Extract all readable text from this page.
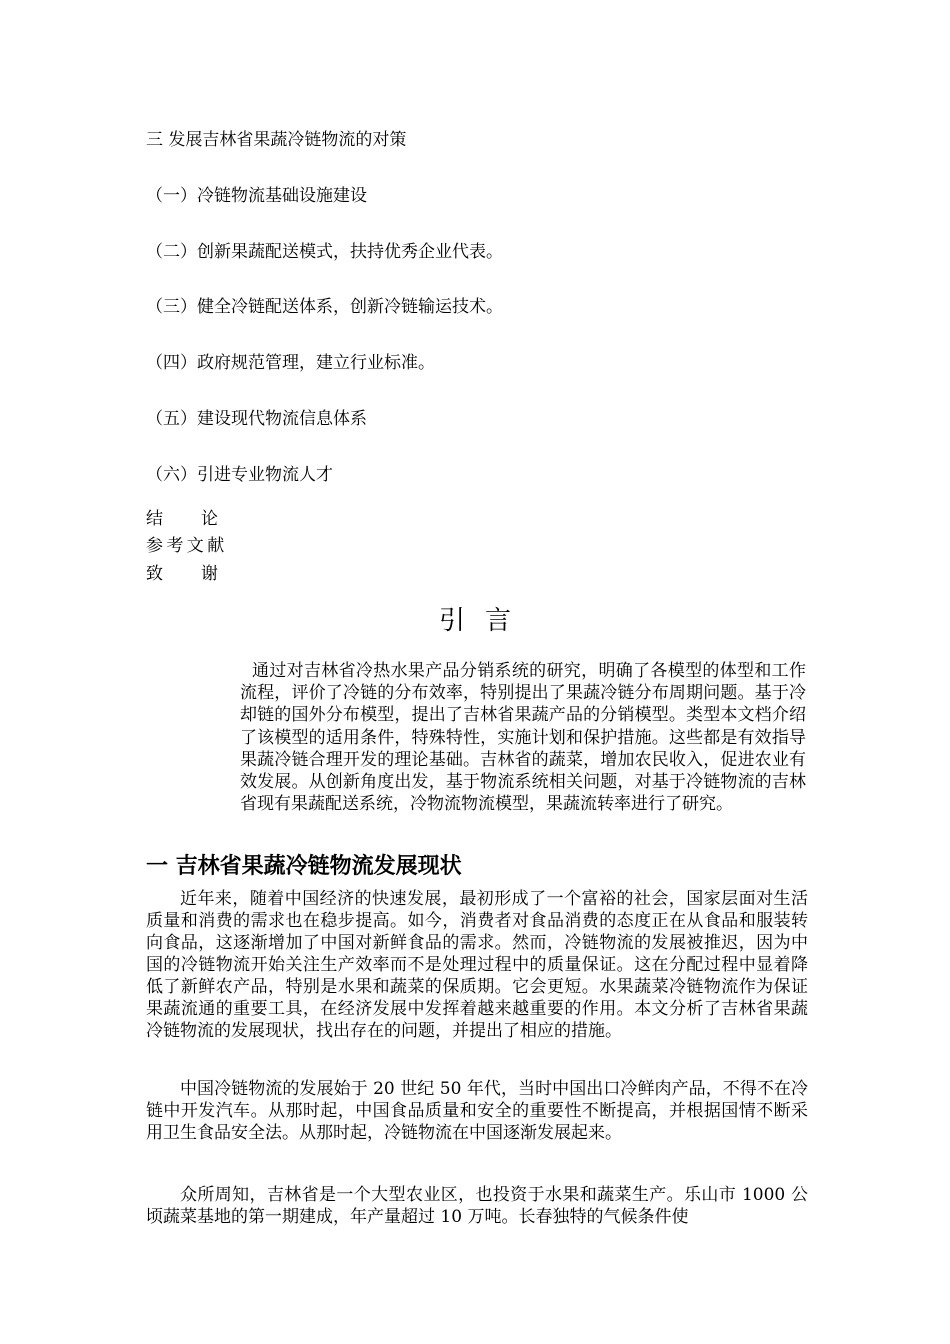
三 发展吉林省果蔬冷链物流的对策
（一）冷链物流基础设施建设
（二）创新果蔬配送模式，扶持优秀企业代表。
（三）健全冷链配送体系，创新冷链输运技术。
（四）政府规范管理，建立行业标准。
（五）建设现代物流信息体系
（六）引进专业物流人才
结 论
参 考 文 献
致 谢
引言
通过对吉林省冷热水果产品分销系统的研究，明确了各模型的体型和工作流程，评价了冷链的分布效率，特别提出了果蔬冷链分布周期问题。基于冷却链的国外分布模型，提出了吉林省果蔬产品的分销模型。类型本文档介绍了该模型的适用条件，特殊特性，实施计划和保护措施。这些都是有效指导果蔬冷链合理开发的理论基础。吉林省的蔬菜，增加农民收入，促进农业有效发展。从创新角度出发，基于物流系统相关问题，对基于冷链物流的吉林省现有果蔬配送系统，冷物流物流模型，果蔬流转率进行了研究。
一 吉林省果蔬冷链物流发展现状

近年来，随着中国经济的快速发展，最初形成了一个富裕的社会，国家层面对生活质量和消费的需求也在稳步提高。如今，消费者对食品消费的态度正在从食品和服装转向食品，这逐渐增加了中国对新鲜食品的需求。然而，冷链物流的发展被推迟，因为中国的冷链物流开始关注生产效率而不是处理过程中的质量保证。这在分配过程中显着降低了新鲜农产品，特别是水果和蔬菜的保质期。它会更短。水果蔬菜冷链物流作为保证果蔬流通的重要工具，在经济发展中发挥着越来越重要的作用。本文分析了吉林省果蔬冷链物流的发展现状，找出存在的问题，并提出了相应的措施。

中国冷链物流的发展始于 20 世纪 50 年代，当时中国出口冷鲜肉产品，不得不在冷链中开发汽车。从那时起，中国食品质量和安全的重要性不断提高，并根据国情不断采用卫生食品安全法。从那时起，冷链物流在中国逐渐发展起来。

众所周知，吉林省是一个大型农业区，也投资于水果和蔬菜生产。乐山市 1000 公顷蔬菜基地的第一期建成，年产量超过 10 万吨。长春独特的气候条件使
